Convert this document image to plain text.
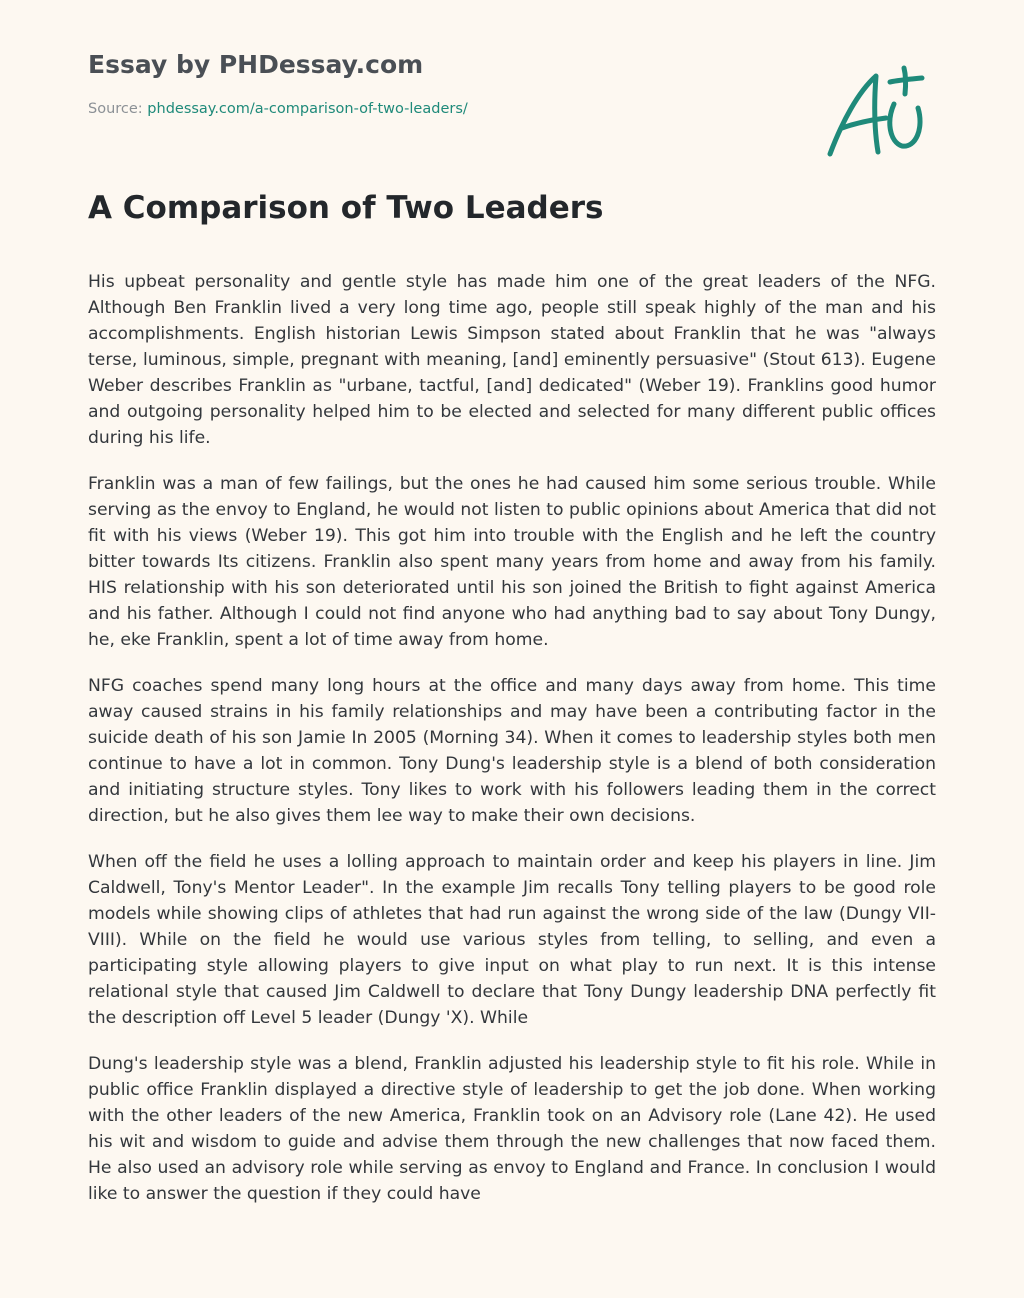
Essay by PHDessay.com
Source: phdessay.com/a-comparison-of-two-leaders/
A Comparison of Two Leaders

His upbeat personality and gentle style has made him one of the great leaders of the NFG. Although Ben Franklin lived a very long time ago, people still speak highly of the man and his accomplishments. English historian Lewis Simpson stated about Franklin that he was "always terse, luminous, simple, pregnant with meaning, [and] eminently persuasive" (Stout 613). Eugene Weber describes Franklin as "urbane, tactful, [and] dedicated" (Weber 19). Franklins good humor and outgoing personality helped him to be elected and selected for many different public offices during his life.

Franklin was a man of few failings, but the ones he had caused him some serious trouble. While serving as the envoy to England, he would not listen to public opinions about America that did not fit with his views (Weber 19). This got him into trouble with the English and he left the country bitter towards Its citizens. Franklin also spent many years from home and away from his family. HIS relationship with his son deteriorated until his son joined the British to fight against America and his father. Although I could not find anyone who had anything bad to say about Tony Dungy, he, eke Franklin, spent a lot of time away from home.

NFG coaches spend many long hours at the office and many days away from home. This time away caused strains in his family relationships and may have been a contributing factor in the suicide death of his son Jamie In 2005 (Morning 34). When it comes to leadership styles both men continue to have a lot in common. Tony Dung's leadership style is a blend of both consideration and initiating structure styles. Tony likes to work with his followers leading them in the correct direction, but he also gives them lee way to make their own decisions.

When off the field he uses a lolling approach to maintain order and keep his players in line. Jim Caldwell, Tony's Mentor Leader". In the example Jim recalls Tony telling players to be good role models while showing clips of athletes that had run against the wrong side of the law (Dungy VII-VIII). While on the field he would use various styles from telling, to selling, and even a participating style allowing players to give input on what play to run next. It is this intense relational style that caused Jim Caldwell to declare that Tony Dungy leadership DNA perfectly fit the description off Level 5 leader (Dungy 'X). While

Dung's leadership style was a blend, Franklin adjusted his leadership style to fit his role. While in public office Franklin displayed a directive style of leadership to get the job done. When working with the other leaders of the new America, Franklin took on an Advisory role (Lane 42). He used his wit and wisdom to guide and advise them through the new challenges that now faced them. He also used an advisory role while serving as envoy to England and France. In conclusion I would like to answer the question if they could have
